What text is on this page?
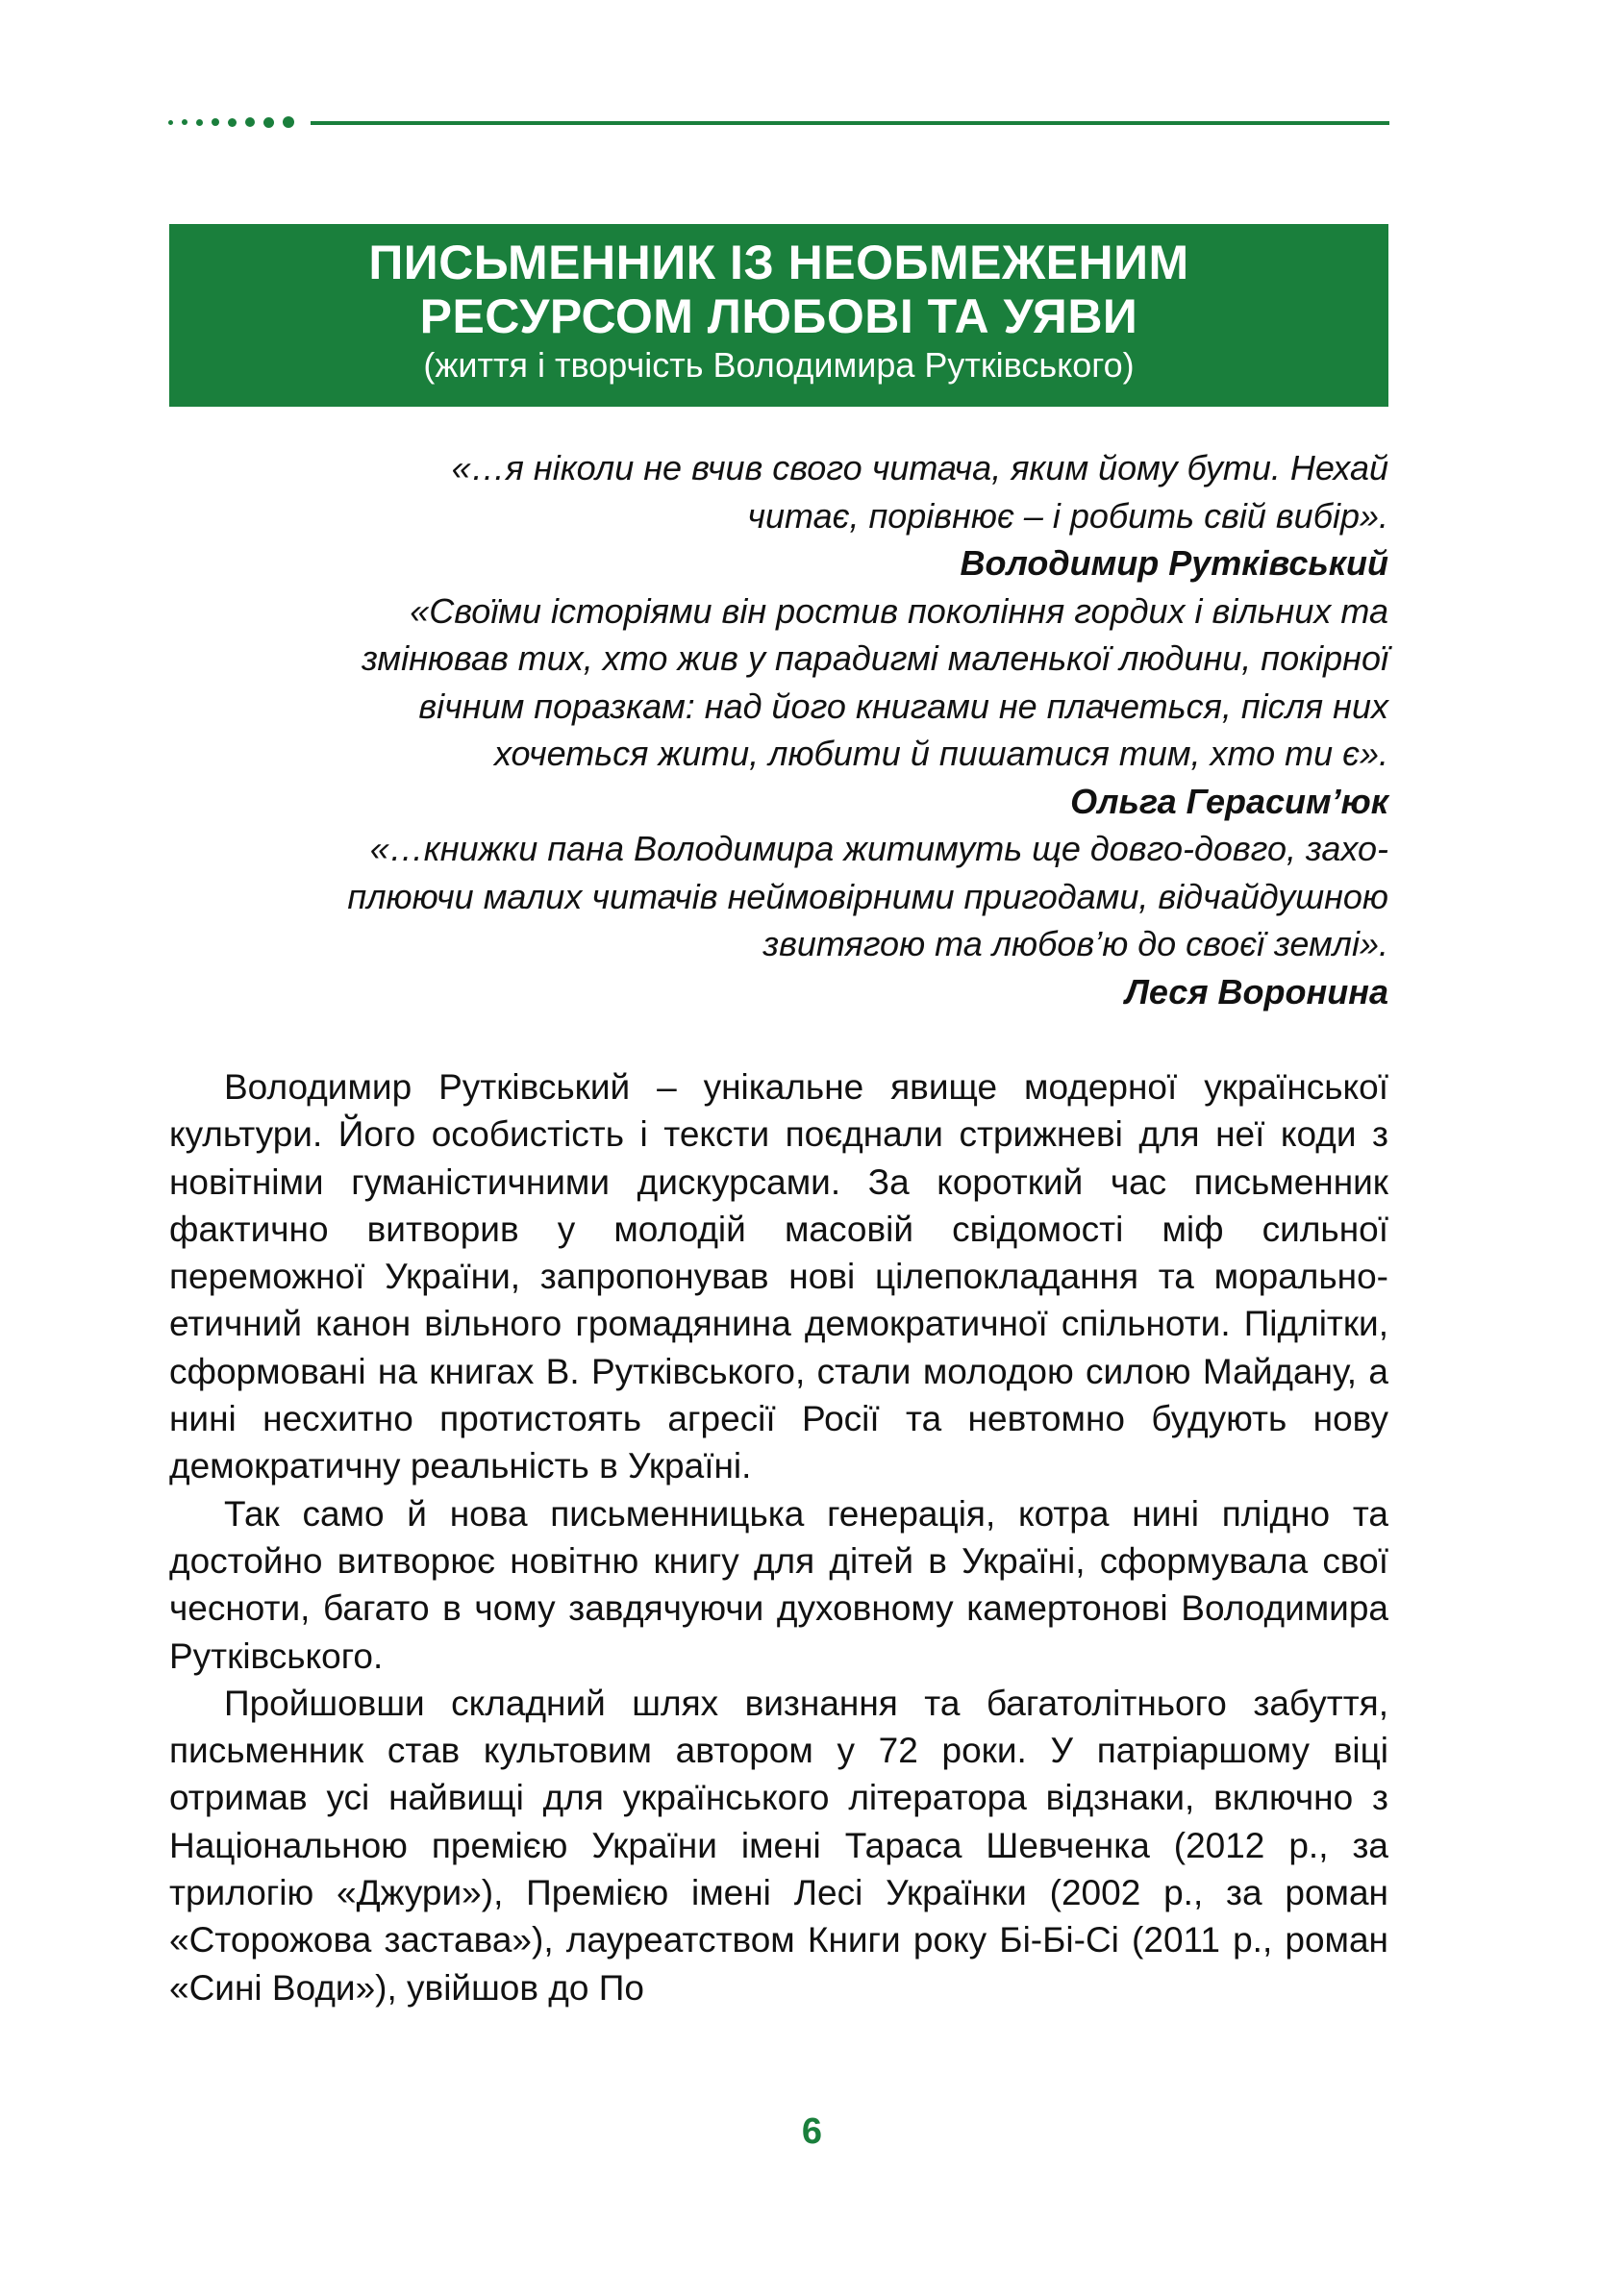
ПИСЬМЕННИК ІЗ НЕОБМЕЖЕНИМ
РЕСУРСОМ ЛЮБОВІ ТА УЯВИ
(життя і творчість Володимира Рутківського)

«…я ніколи не вчив свого читача, яким йому бути. Нехай

читає, порівнює – і робить свій вибір».

Володимир Рутківський

«Своїми історіями він ростив покоління гордих і вільних та

змінював тих, хто жив у парадигмі маленької людини, покірної

вічним поразкам: над його книгами не плачеться, після них

хочеться жити, любити й пишатися тим, хто ти є».

Ольга Герасим’юк

«…книжки пана Володимира житимуть ще довго-довго, захо-

плюючи малих читачів неймовірними пригодами, відчайдушною

звитягою та любов’ю до своєї землі».

Леся Воронина

Володимир Рутківський – унікальне явище модерної української культури. Його особистість і тексти поєднали стрижневі для неї коди з новітніми гуманістичними дискурсами. За короткий час письменник фактично витворив у молодій масовій свідомості міф сильної переможної України, запропонував нові цілепокладання та морально-етичний канон вільного громадянина демократичної спільноти. Підлітки, сформовані на книгах В. Рутківського, стали молодою силою Майдану, а нині несхитно протистоять агресії Росії та невтомно будують нову демократичну реальність в Україні.

Так само й нова письменницька генерація, котра нині плідно та достойно витворює новітню книгу для дітей в Україні, сформувала свої чесноти, багато в чому завдячуючи духовному камертонові Володимира Рутківського.

Пройшовши складний шлях визнання та багатолітнього забуття, письменник став культовим автором у 72 роки. У патріаршому віці отримав усі найвищі для українського літератора відзнаки, включно з Національною премією України імені Тараса Шевченка (2012 р., за трилогію «Джури»), Премією імені Лесі Українки (2002 р., за роман «Сторожова застава»), лауреатством Книги року Бі-Бі-Сі (2011 р., роман «Сині Води»), увійшов до По

6
